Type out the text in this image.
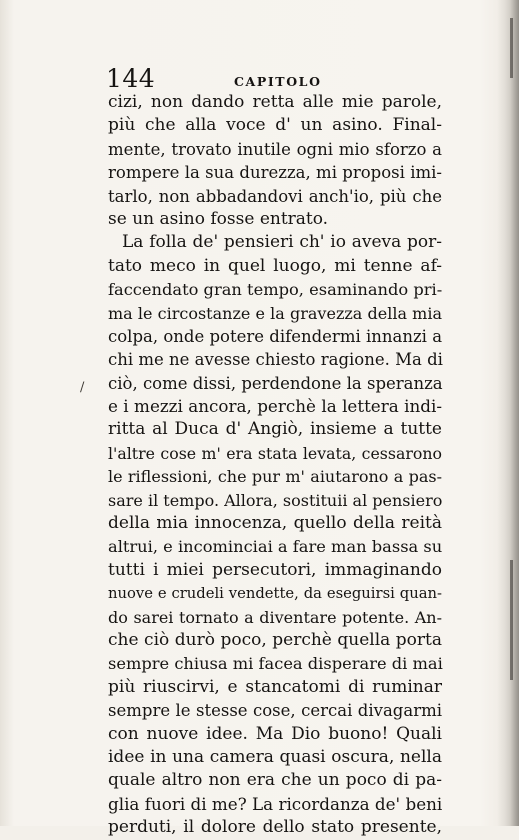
144	CAPITOLO
/
cizi, non dando retta alle mie parole,
più che alla voce d' un asino. Final-
mente, trovato inutile ogni mio sforzo a
rompere la sua durezza, mi proposi imi-
tarlo, non abbadandovi anch'io, più che
se un asino fosse entrato.
La folla de' pensieri ch' io aveva por-
tato meco in quel luogo, mi tenne af-
faccendato gran tempo, esaminando pri-
ma le circostanze e la gravezza della mia
colpa, onde potere difendermi innanzi a
chi me ne avesse chiesto ragione. Ma di
ciò, come dissi, perdendone la speranza
e i mezzi ancora, perchè la lettera indi-
ritta al Duca d' Angiò, insieme a tutte
l'altre cose m' era stata levata, cessarono
le riflessioni, che pur m' aiutarono a pas-
sare il tempo. Allora, sostituii al pensiero
della mia innocenza, quello della reità
altrui, e incominciai a fare man bassa su
tutti i miei persecutori, immaginando
nuove e crudeli vendette, da eseguirsi quan-
do sarei tornato a diventare potente. An-
che ciò durò poco, perchè quella porta
sempre chiusa mi facea disperare di mai
più riuscirvi, e stancatomi di ruminar
sempre le stesse cose, cercai divagarmi
con nuove idee. Ma Dio buono! Quali
idee in una camera quasi oscura, nella
quale altro non era che un poco di pa-
glia fuori di me? La ricordanza de' beni
perduti, il dolore dello stato presente,
